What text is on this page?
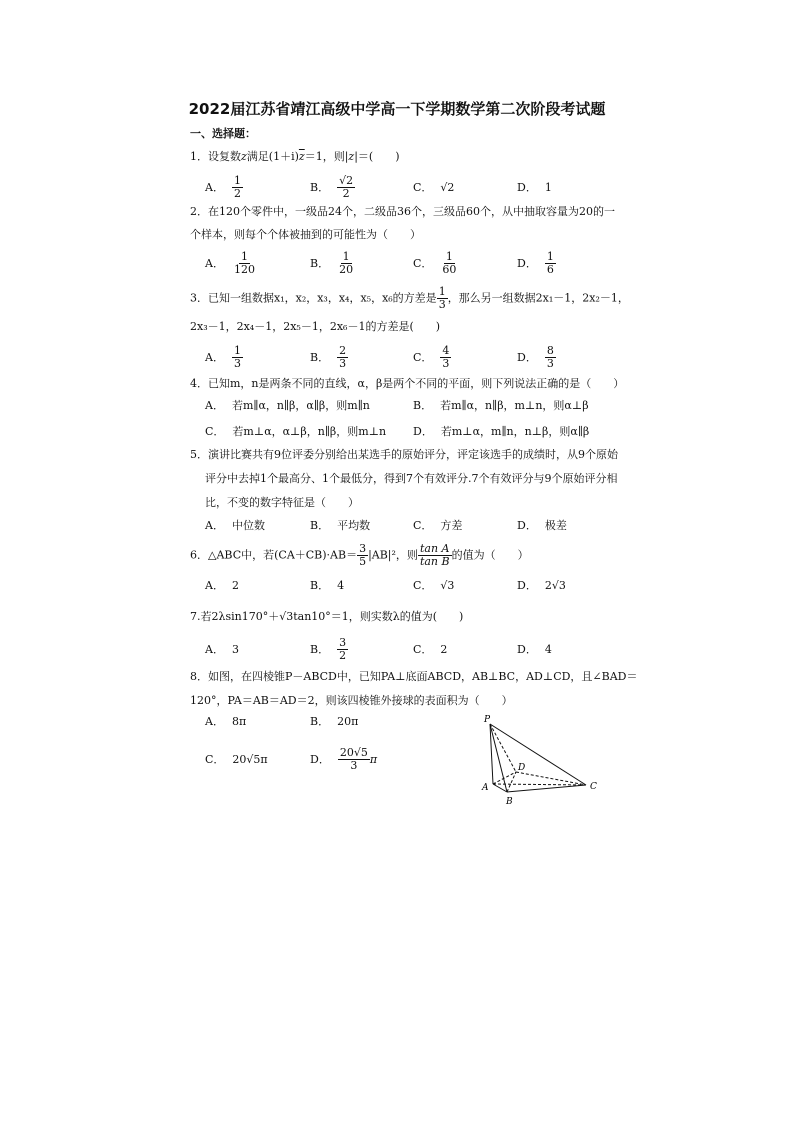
2022届江苏省靖江高级中学高一下学期数学第二次阶段考试题
一、选择题：
1．设复数z满足$(1+i)\overline{z}=1$，则|z|＝(　　)
A． $\frac{1}{2}$	B． $\frac{√2}{2}$	C． √2	D． 1
2．在120个零件中，一级品24个，二级品36个，三级品60个，从中抽取容量为20的一
个样本，则每个个体被抽到的可能性为（　　）
A． $\frac{1}{120}$	B． $\frac{1}{20}$	C． $\frac{1}{60}$	D． $\frac{1}{6}$
3．已知一组数据x₁，x₂，x₃，x₄，x₅，x₆的方差是 $\frac{1}{3}$ ，那么另一组数据2x₁－1，2x₂－1，
2x₃－1，2x₄－1，2x₅－1，2x₆－1的方差是(　　)
A． $\frac{1}{3}$	B． $\frac{2}{3}$	C． $\frac{4}{3}$	D． $\frac{8}{3}$
4．已知m，n是两条不同的直线，α，β是两个不同的平面，则下列说法正确的是（　　）
A． 若m∥α，n∥β，α∥β，则m∥n	B． 若m∥α，n∥β，m⊥n，则α⊥β
C． 若m⊥α，α⊥β，n∥β，则m⊥n D． 若m⊥α，m∥n，n⊥β，则α∥β
5．演讲比赛共有9位评委分别给出某选手的原始评分，评定该选手的成绩时，从9个原始
评分中去掉1个最高分、1个最低分，得到7个有效评分.7个有效评分与9个原始评分相
比，不变的数字特征是（　　）
A． 中位数	B． 平均数	C． 方差	D． 极差
6．△ABC中，若$(CA+CB)\cdot AB= \frac{3}{5} |AB|^2$，则 $\frac{\text{tan A}}{\text{tan B}}$ 的值为（　　）
A． 2	B． 4	C． √3	D． 2√3
7.若2λsin170°＋√3tan10°＝1，则实数λ的值为(　　)
A． 3	B． $\frac{3}{2}$	C． 2	D． 4
8．如图，在四棱锥P－ABCD中，已知PA⊥底面ABCD，AB⊥BC，AD⊥CD，且∠BAD＝
120°，PA＝AB＝AD＝2，则该四棱锥外接球的表面积为（　　）
A． 8π	B． 20π
C． 20√5π	D． $\frac{20√5}{3}$ π
P
A
B
C
D
